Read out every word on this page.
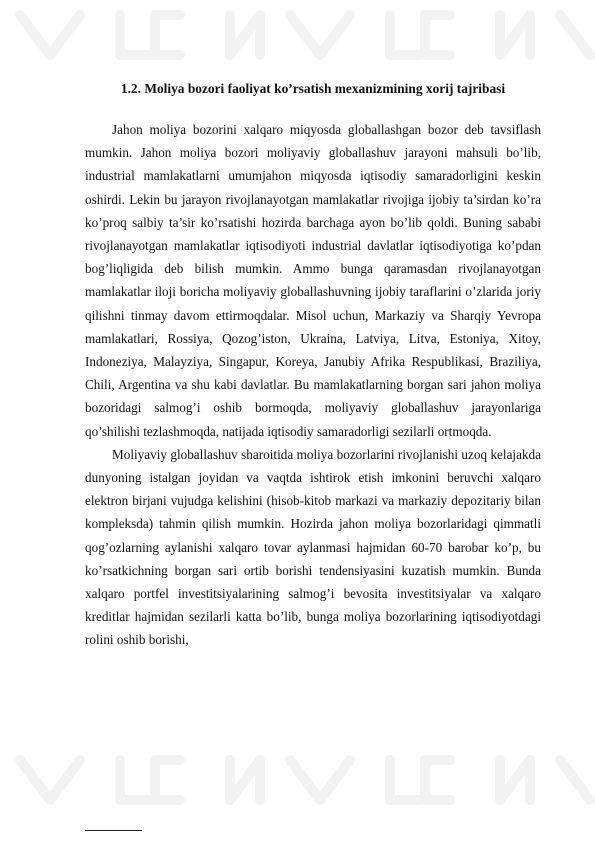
1.2. Moliya bozori faoliyat ko’rsatish mexanizmining xorij tajribasi

Jahon moliya bozorini xalqaro miqyosda globallashgan bozor deb tavsiflash mumkin. Jahon moliya bozori moliyaviy globallashuv jarayoni mahsuli bo’lib, industrial mamlakatlarni umumjahon miqyosda iqtisodiy samaradorligini keskin oshirdi. Lekin bu jarayon rivojlanayotgan mamlakatlar rivojiga ijobiy ta’sirdan ko’ra ko’proq salbiy ta’sir ko’rsatishi hozirda barchaga ayon bo’lib qoldi. Buning sababi rivojlanayotgan mamlakatlar iqtisodiyoti industrial davlatlar iqtisodiyotiga ko’pdan bog’liqligida deb bilish mumkin. Ammo bunga qaramasdan rivojlanayotgan mamlakatlar iloji boricha moliyaviy globallashuvning ijobiy taraflarini o’zlarida joriy qilishni tinmay davom ettirmoqdalar. Misol uchun, Markaziy va Sharqiy Yevropa mamlakatlari, Rossiya, Qozog’iston, Ukraina, Latviya, Litva, Estoniya, Xitoy, Indoneziya, Malayziya, Singapur, Koreya, Janubiy Afrika Respublikasi, Braziliya, Chili, Argentina va shu kabi davlatlar. Bu mamlakatlarning borgan sari jahon moliya bozoridagi salmog’i oshib bormoqda, moliyaviy globallashuv jarayonlariga qo’shilishi tezlashmoqda, natijada iqtisodiy samaradorligi sezilarli ortmoqda.

Moliyaviy globallashuv sharoitida moliya bozorlarini rivojlanishi uzoq kelajakda dunyoning istalgan joyidan va vaqtda ishtirok etish imkonini beruvchi xalqaro elektron birjani vujudga kelishini (hisob-kitob markazi va markaziy depozitariy bilan kompleksda) tahmin qilish mumkin. Hozirda jahon moliya bozorlaridagi qimmatli qog’ozlarning aylanishi xalqaro tovar aylanmasi hajmidan 60-70 barobar ko’p, bu ko’rsatkichning borgan sari ortib borishi tendensiyasini kuzatish mumkin. Bunda xalqaro portfel investitsiyalarining salmog’i bevosita investitsiyalar va xalqaro kreditlar hajmidan sezilarli katta bo’lib, bunga moliya bozorlarining iqtisodiyotdagi rolini oshib borishi,
